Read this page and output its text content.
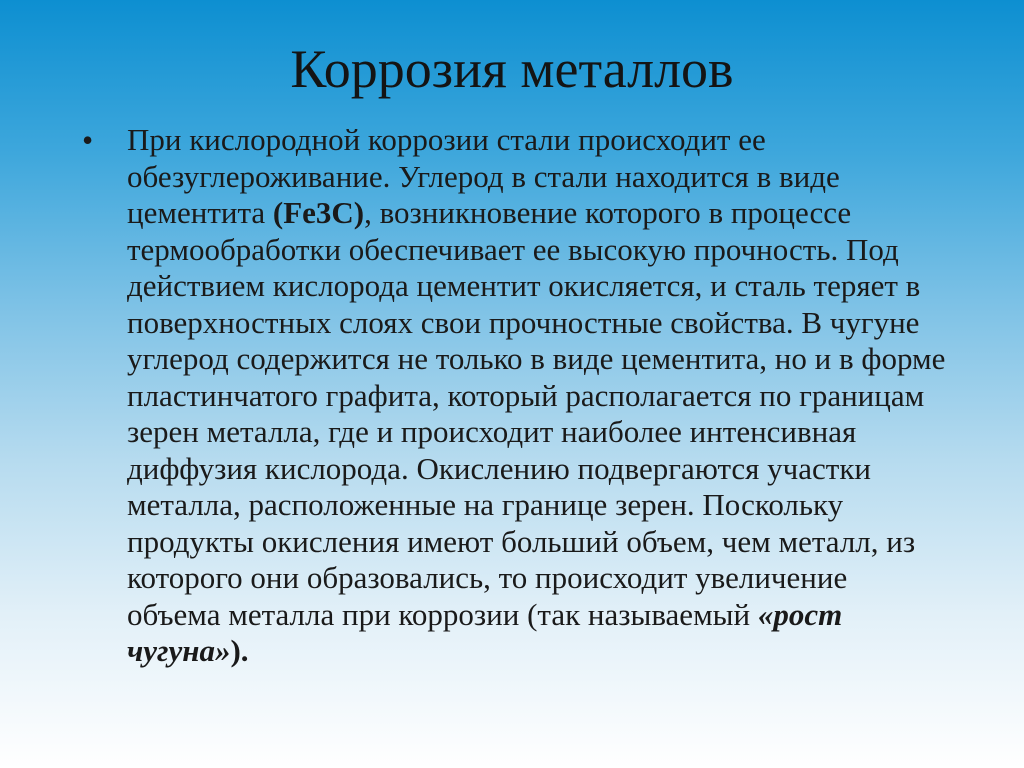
Коррозия металлов
•	При кислородной коррозии стали происходит ее обезуглероживание. Углерод в стали находится в виде цементита (Fe3C), возникновение которого в процессе термообработки обеспечивает ее высокую прочность. Под действием кислорода цементит окисляется, и сталь теряет в поверхностных слоях свои прочностные свойства. В чугуне углерод содержится не только в виде цементита, но и в форме пластинчатого графита, который располагается по границам зерен металла, где и происходит наиболее интенсивная диффузия кислорода. Окислению подвергаются участки металла, расположенные на границе зерен. Поскольку продукты окисления имеют больший объем, чем металл, из которого они образовались, то происходит увеличение объема металла при коррозии (так называемый «рост чугуна»).
